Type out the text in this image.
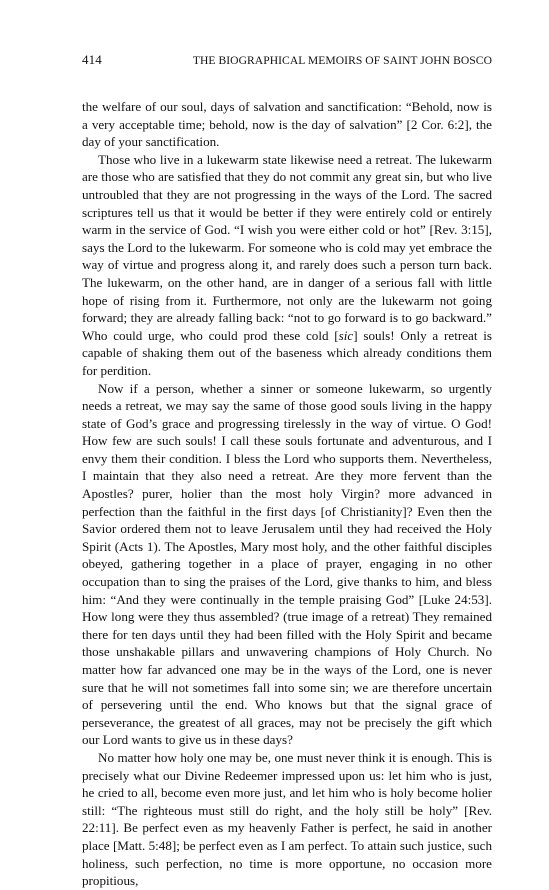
414	THE BIOGRAPHICAL MEMOIRS OF SAINT JOHN BOSCO

the welfare of our soul, days of salvation and sanctification: “Behold, now is a very acceptable time; behold, now is the day of salvation” [2 Cor. 6:2], the day of your sanctification.

Those who live in a lukewarm state likewise need a retreat. The lukewarm are those who are satisfied that they do not commit any great sin, but who live untroubled that they are not progressing in the ways of the Lord. The sacred scriptures tell us that it would be better if they were entirely cold or entirely warm in the service of God. “I wish you were either cold or hot” [Rev. 3:15], says the Lord to the lukewarm. For someone who is cold may yet embrace the way of virtue and progress along it, and rarely does such a person turn back. The lukewarm, on the other hand, are in danger of a serious fall with little hope of rising from it. Furthermore, not only are the lukewarm not going forward; they are already falling back: “not to go forward is to go backward.” Who could urge, who could prod these cold [sic] souls! Only a retreat is capable of shaking them out of the baseness which already conditions them for perdition.

Now if a person, whether a sinner or someone lukewarm, so urgently needs a retreat, we may say the same of those good souls living in the happy state of God’s grace and progressing tirelessly in the way of virtue. O God! How few are such souls! I call these souls fortunate and adventurous, and I envy them their condition. I bless the Lord who supports them. Nevertheless, I maintain that they also need a retreat. Are they more fervent than the Apostles? purer, holier than the most holy Virgin? more advanced in perfection than the faithful in the first days [of Christianity]? Even then the Savior ordered them not to leave Jerusalem until they had received the Holy Spirit (Acts 1). The Apostles, Mary most holy, and the other faithful disciples obeyed, gathering together in a place of prayer, engaging in no other occupation than to sing the praises of the Lord, give thanks to him, and bless him: “And they were continually in the temple praising God” [Luke 24:53]. How long were they thus assembled? (true image of a retreat) They remained there for ten days until they had been filled with the Holy Spirit and became those unshakable pillars and unwavering champions of Holy Church. No matter how far advanced one may be in the ways of the Lord, one is never sure that he will not sometimes fall into some sin; we are therefore uncertain of persevering until the end. Who knows but that the signal grace of perseverance, the greatest of all graces, may not be precisely the gift which our Lord wants to give us in these days?

No matter how holy one may be, one must never think it is enough. This is precisely what our Divine Redeemer impressed upon us: let him who is just, he cried to all, become even more just, and let him who is holy become holier still: “The righteous must still do right, and the holy still be holy” [Rev. 22:11]. Be perfect even as my heavenly Father is perfect, he said in another place [Matt. 5:48]; be perfect even as I am perfect. To attain such justice, such holiness, such perfection, no time is more opportune, no occasion more propitious,
